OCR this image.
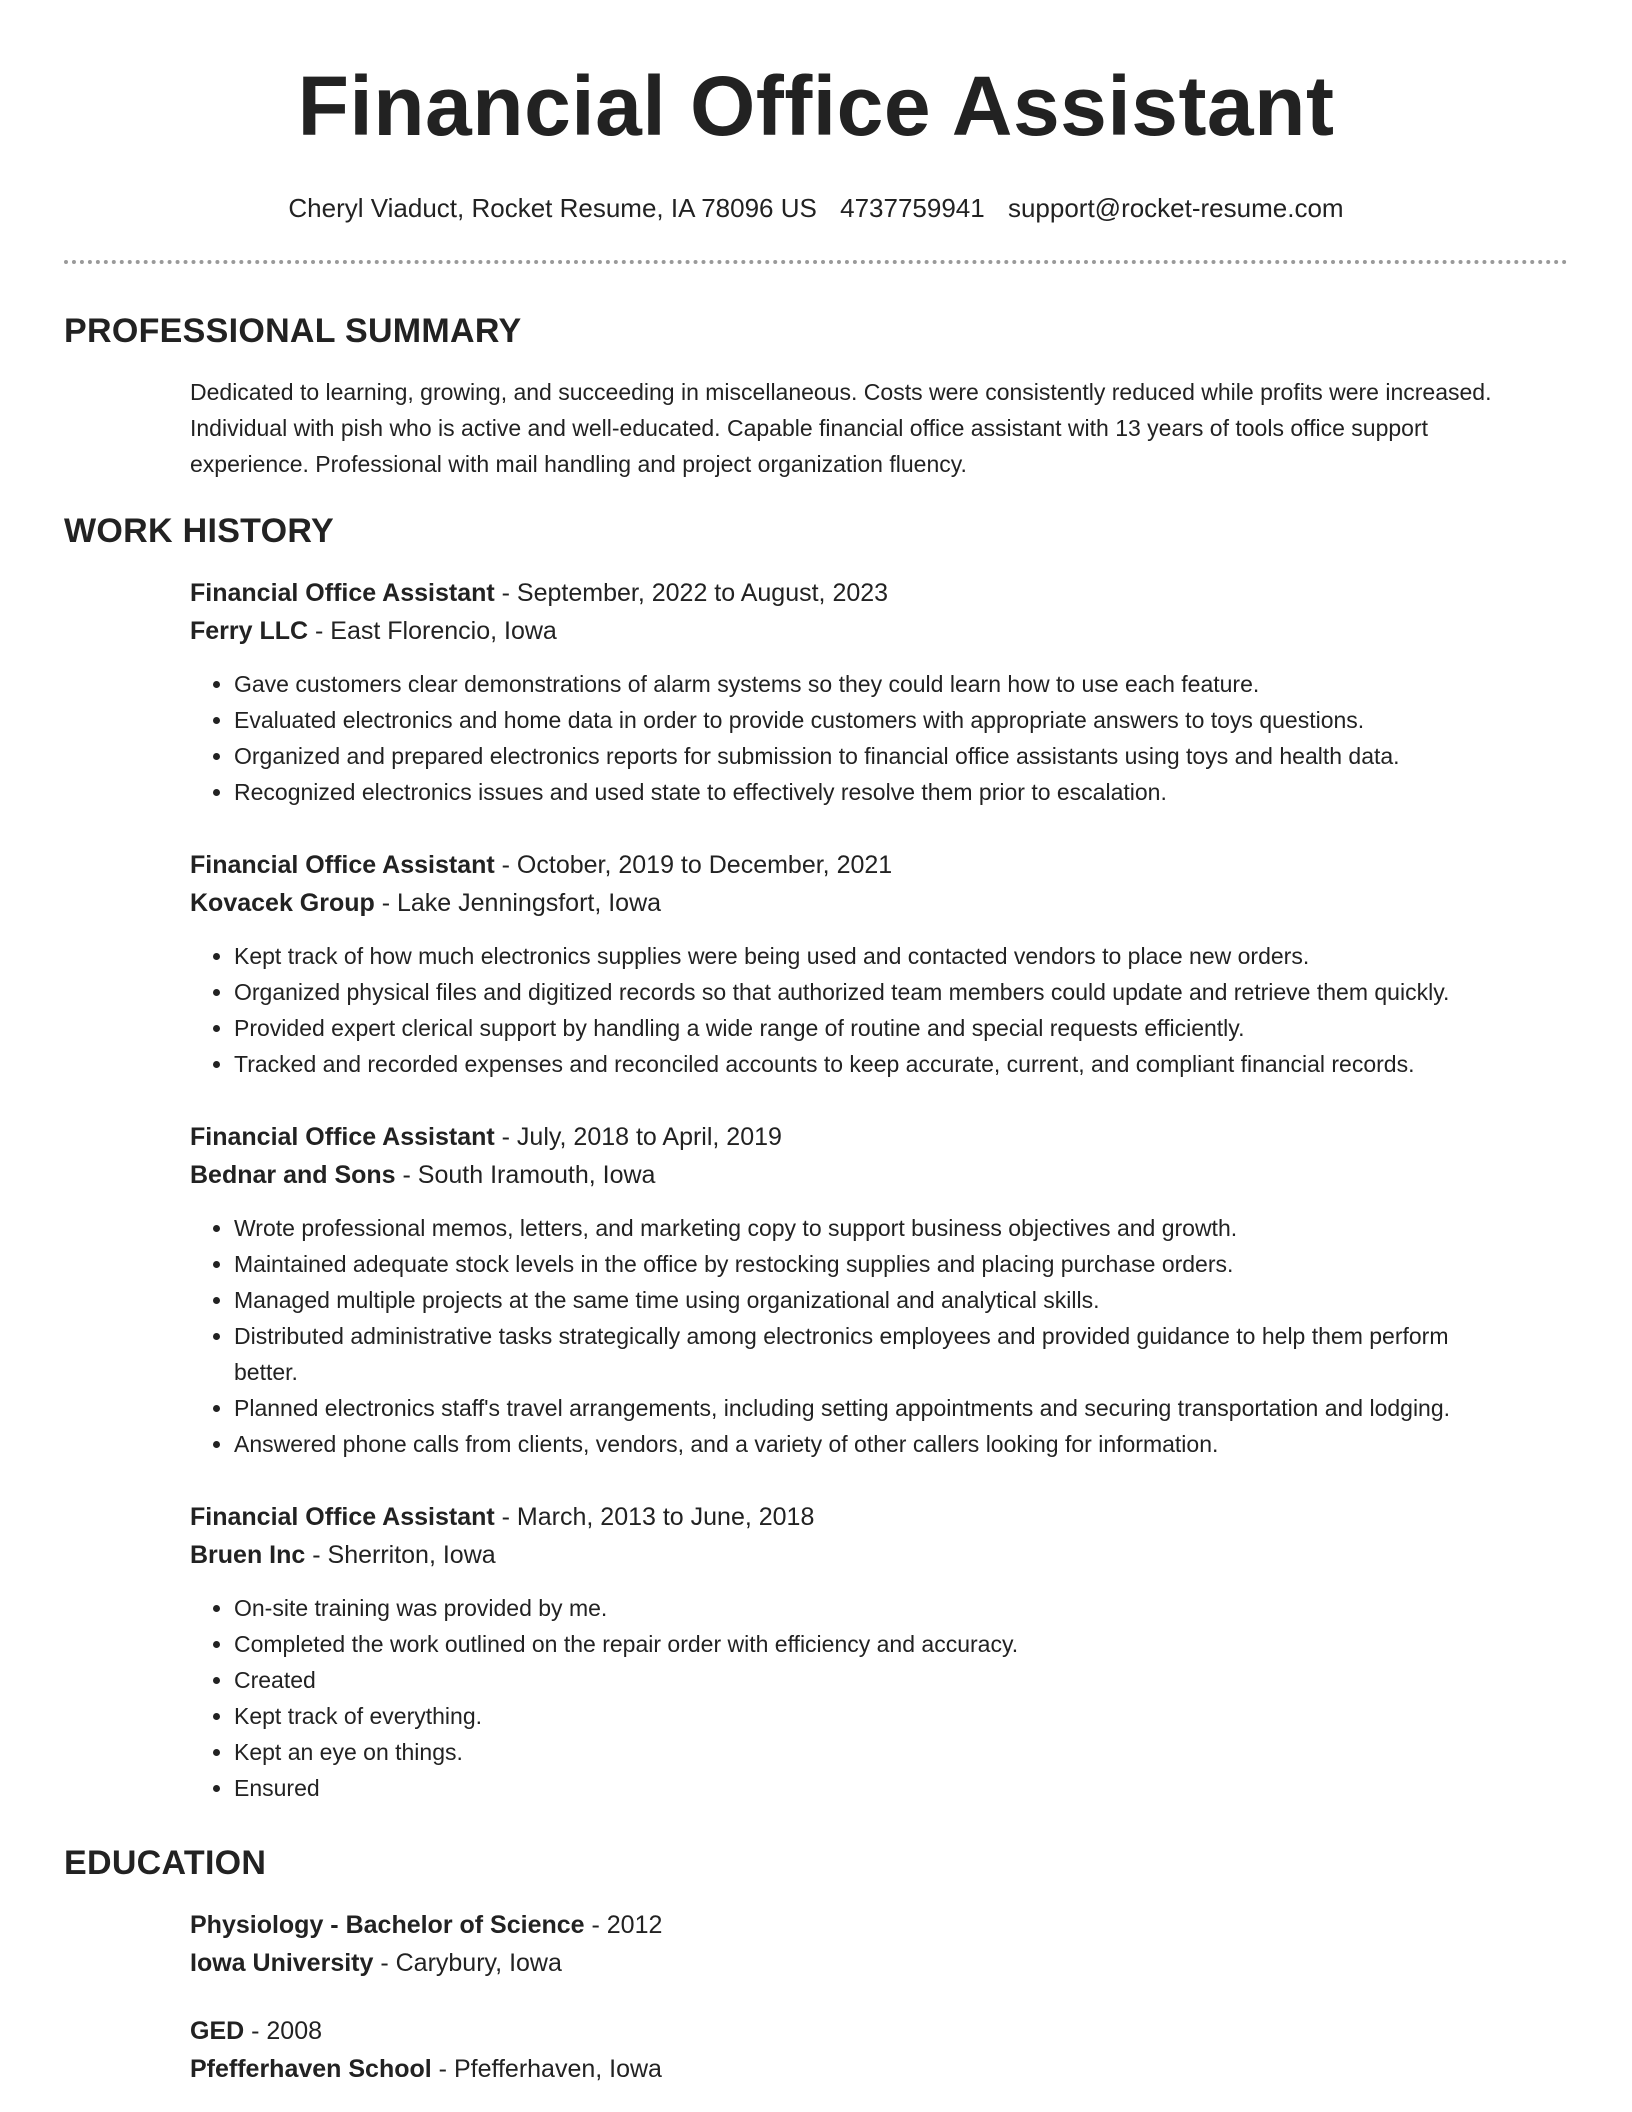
Financial Office Assistant
Cheryl Viaduct, Rocket Resume, IA 78096 US 4737759941 support@rocket-resume.com
PROFESSIONAL SUMMARY
Dedicated to learning, growing, and succeeding in miscellaneous. Costs were consistently reduced while profits were increased. Individual with pish who is active and well-educated. Capable financial office assistant with 13 years of tools office support experience. Professional with mail handling and project organization fluency.
WORK HISTORY
Financial Office Assistant - September, 2022 to August, 2023
Ferry LLC - East Florencio, Iowa
• Gave customers clear demonstrations of alarm systems so they could learn how to use each feature.
• Evaluated electronics and home data in order to provide customers with appropriate answers to toys questions.
• Organized and prepared electronics reports for submission to financial office assistants using toys and health data.
• Recognized electronics issues and used state to effectively resolve them prior to escalation.
Financial Office Assistant - October, 2019 to December, 2021
Kovacek Group - Lake Jenningsfort, Iowa
• Kept track of how much electronics supplies were being used and contacted vendors to place new orders.
• Organized physical files and digitized records so that authorized team members could update and retrieve them quickly.
• Provided expert clerical support by handling a wide range of routine and special requests efficiently.
• Tracked and recorded expenses and reconciled accounts to keep accurate, current, and compliant financial records.
Financial Office Assistant - July, 2018 to April, 2019
Bednar and Sons - South Iramouth, Iowa
• Wrote professional memos, letters, and marketing copy to support business objectives and growth.
• Maintained adequate stock levels in the office by restocking supplies and placing purchase orders.
• Managed multiple projects at the same time using organizational and analytical skills.
• Distributed administrative tasks strategically among electronics employees and provided guidance to help them perform better.
• Planned electronics staff's travel arrangements, including setting appointments and securing transportation and lodging.
• Answered phone calls from clients, vendors, and a variety of other callers looking for information.
Financial Office Assistant - March, 2013 to June, 2018
Bruen Inc - Sherriton, Iowa
• On-site training was provided by me.
• Completed the work outlined on the repair order with efficiency and accuracy.
• Created
• Kept track of everything.
• Kept an eye on things.
• Ensured
EDUCATION
Physiology - Bachelor of Science - 2012
Iowa University - Carybury, Iowa
GED - 2008
Pfefferhaven School - Pfefferhaven, Iowa
